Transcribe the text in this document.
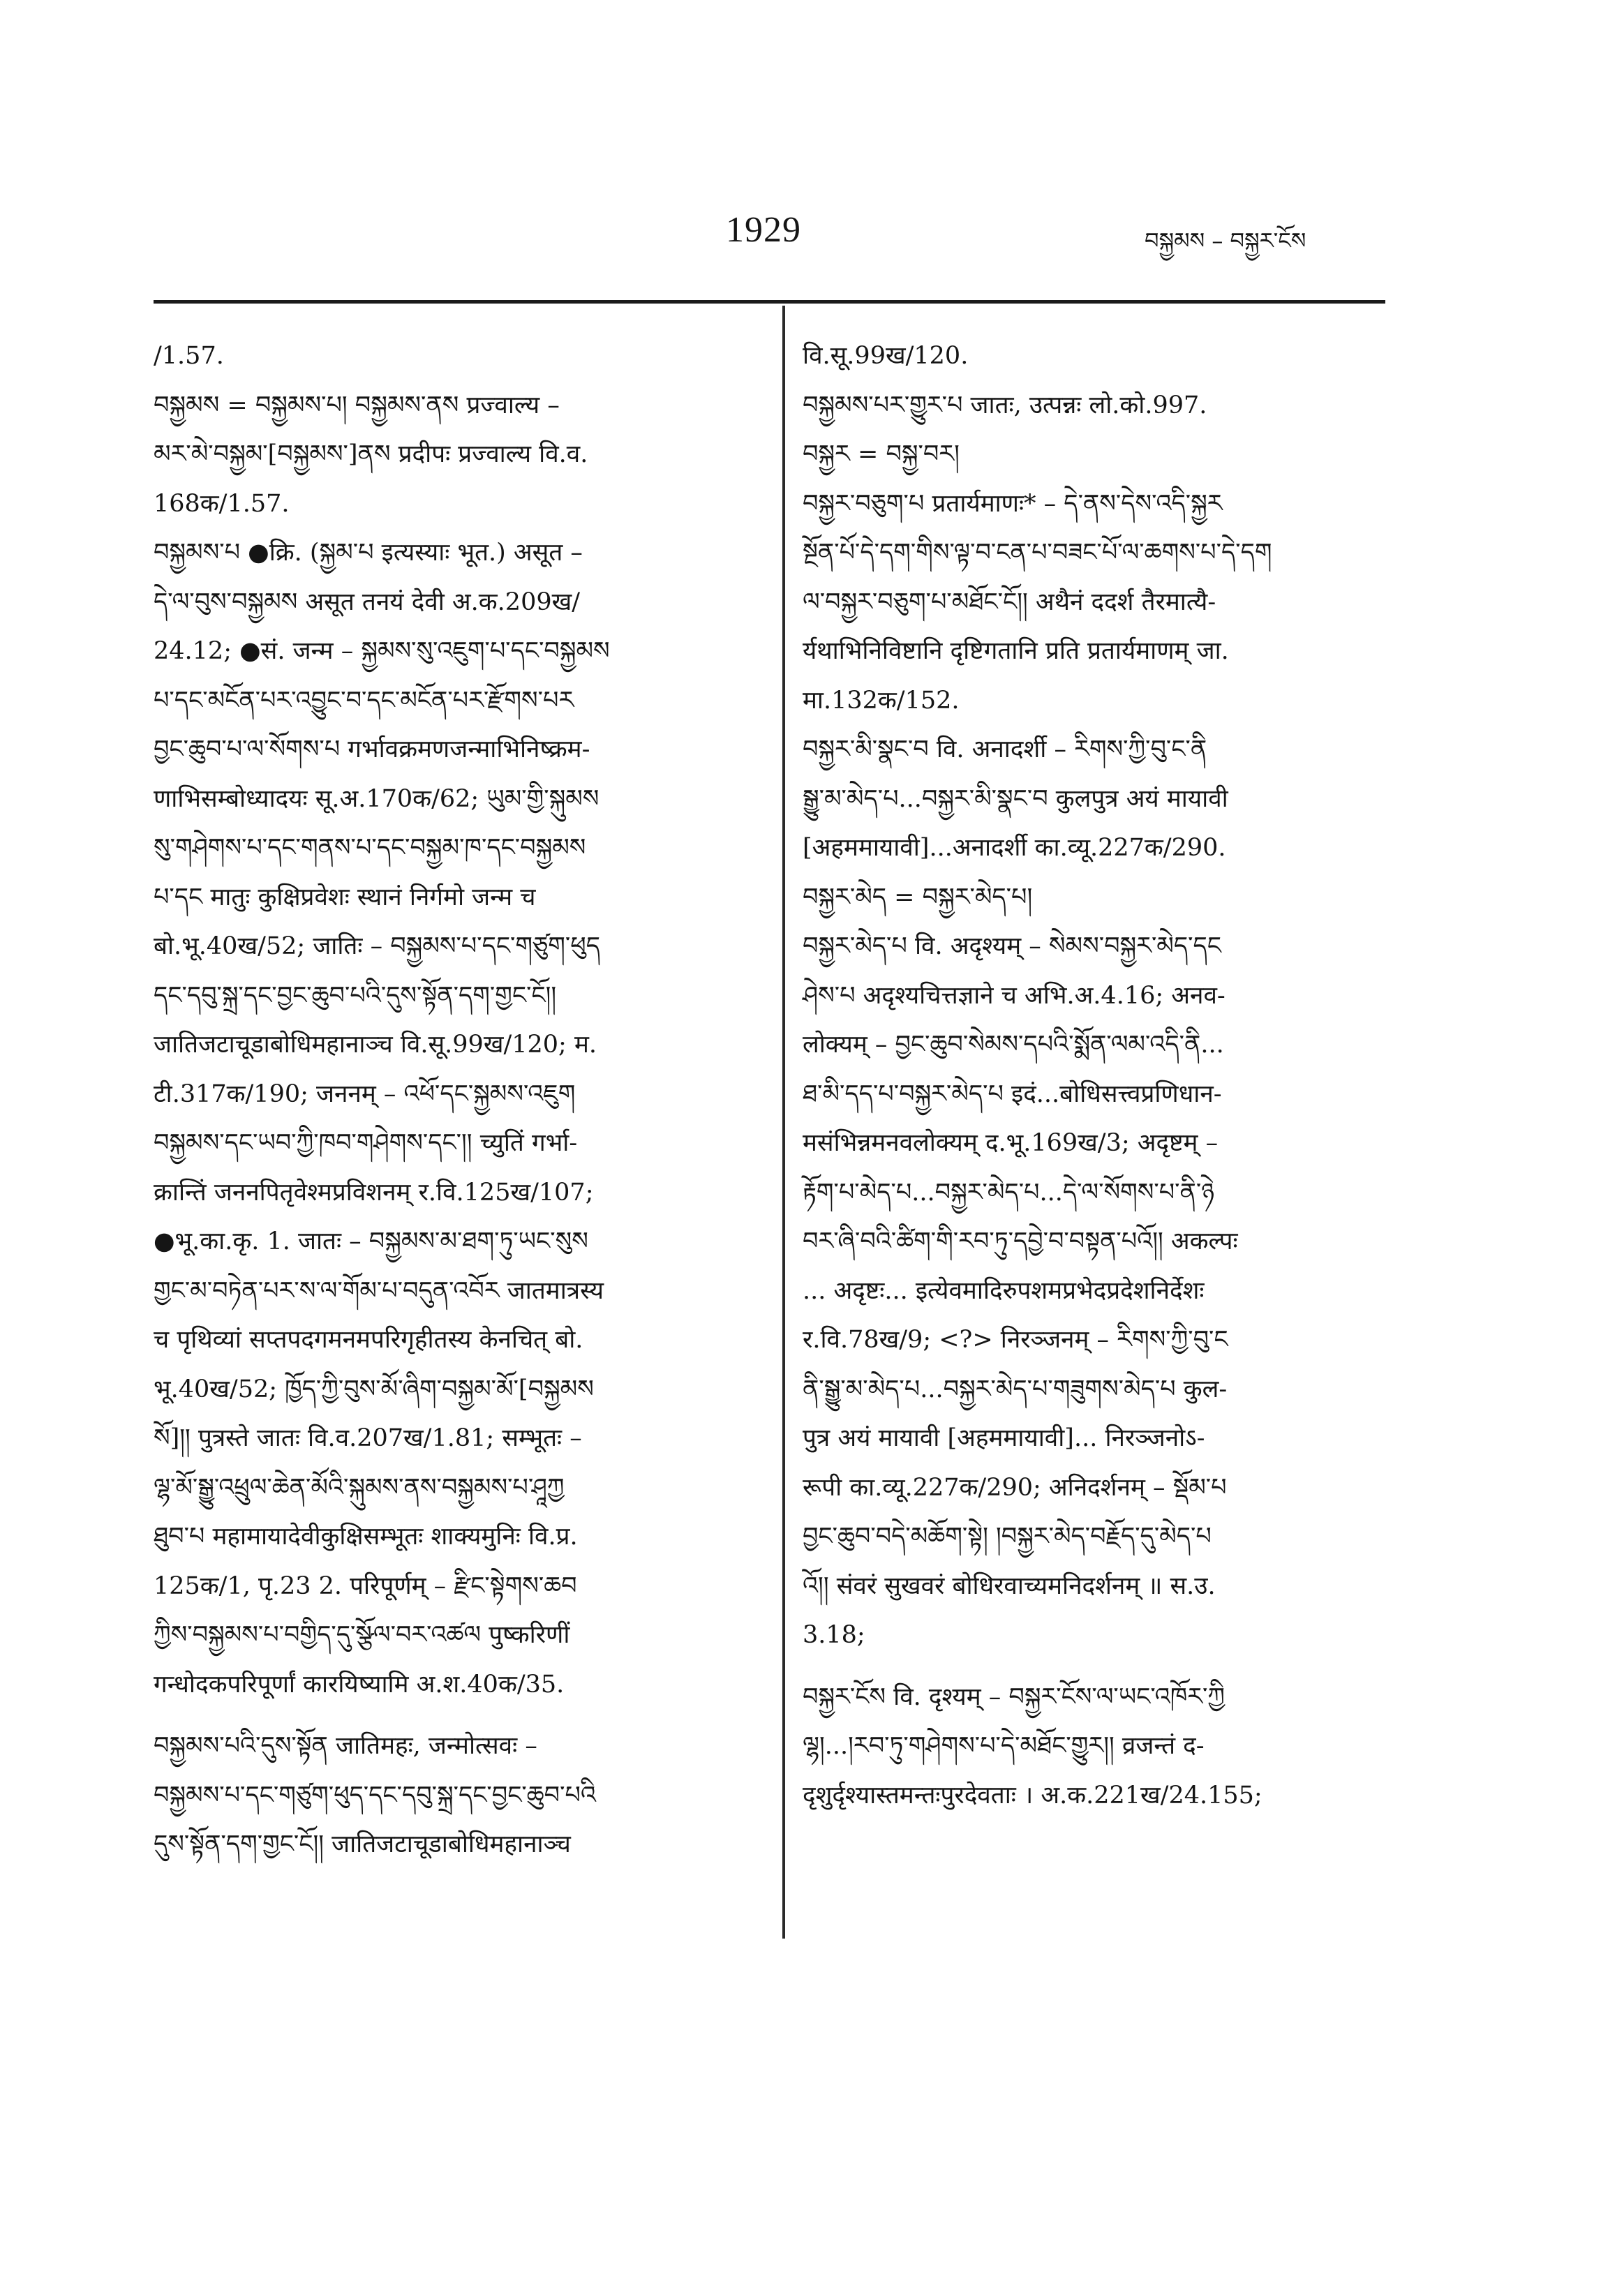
1929	བསྐྱམས – བསྐྱར་ངོས
/1.57.
བསྐྱམས = བསྐྱམས་པ། བསྐྱམས་ནས प्रज्वाल्य –
མར་མེ་བསྐྱམ་[བསྐྱམས་]ནས प्रदीपः प्रज्वाल्य वि.व.
168क/1.57.
བསྐྱམས་པ ●क्रि. (སྐྱམ་པ इत्यस्याः भूत.) असूत –
དེ་ལ་བུས་བསྐྱམས असूत तनयं देवी अ.क.209ख/
24.12; ●सं. जन्म – སྐྱམས་སུ་འཇུག་པ་དང་བསྐྱམས
པ་དང་མངོན་པར་འབྱུང་བ་དང་མངོན་པར་རྫོགས་པར
བྱང་ཆུབ་པ་ལ་སོགས་པ गर्भावक्रमणजन्माभिनिष्क्रम-
णाभिसम्बोध्यादयः सू.अ.170क/62; ཡུམ་གྱི་སྐུམས
སུ་གཤེགས་པ་དང་གནས་པ་དང་བསྐྱམ་ཁ་དང་བསྐྱམས
པ་དང मातुः कुक्षिप्रवेशः स्थानं निर्गमो जन्म च
बो.भू.40ख/52; जातिः – བསྐྱམས་པ་དང་གཙུག་ཕུད
དང་དབུ་སྐྲ་དང་བྱང་ཆུབ་པའི་དུས་སྟོན་དག་གྱང་ངོ།།
जातिजटाचूडाबोधिमहानाञ्च वि.सू.99ख/120; म.
टी.317क/190; जननम् – འཕོ་དང་སྐྱམས་འཇུག
བསྐྱམས་དང་ཡབ་ཀྱི་ཁབ་གཤེགས་དང་།། च्युतिं गर्भा-
क्रान्तिं जननपितृवेश्मप्रविशनम् र.वि.125ख/107;
●भू.का.कृ. 1. जातः – བསྐྱམས་མ་ཐག་ཏུ་ཡང་སུས
གྱང་མ་བཏེན་པར་ས་ལ་གོམ་པ་བདུན་འབོར जातमात्रस्य
च पृथिव्यां सप्तपदगमनमपरिगृहीतस्य केनचित् बो.
भू.40ख/52; ཁྱོད་ཀྱི་བུས་མོ་ཞིག་བསྐྱམ་མོ་[བསྐྱམས
སོ]།། पुत्रस्ते जातः वि.व.207ख/1.81; सम्भूतः –
ལྷ་མོ་སྒྱུ་འཕྲུལ་ཆེན་མོའི་སྐུམས་ནས་བསྐྱམས་པ་ཤཱཀྱ
ཐུབ་པ महामायादेवीकुक्षिसम्भूतः शाक्यमुनिः वि.प्र.
125क/1, पृ.23 2. परिपूर्णम् – རྫིང་སྟེགས་ཆབ
ཀྱིས་བསྐྱམས་པ་བགྱིད་དུ་སྩོལ་བར་འཚལ पुष्करिणीं
गन्धोदकपरिपूर्णां कारयिष्यामि अ.श.40क/35.
བསྐྱམས་པའི་དུས་སྟོན जातिमहः, जन्मोत्सवः –
བསྐྱམས་པ་དང་གཙུག་ཕུད་དང་དབུ་སྐྲ་དང་བྱང་ཆུབ་པའི
དུས་སྟོན་དག་གྱང་ངོ།། जातिजटाचूडाबोधिमहानाञ्च
वि.सू.99ख/120.
བསྐྱམས་པར་གྱུར་པ जातः, उत्पन्नः लो.को.997.
བསྐྱར = བསྐྱ་བར།
བསྐྱར་བཅུག་པ प्रतार्यमाणः* – དེ་ནས་དེས་འདི་སྐྱར
སྔོན་པོ་དེ་དག་གིས་ལྟ་བ་ངན་པ་བཟང་པོ་ལ་ཆགས་པ་དེ་དག
ལ་བསྐྱར་བཅུག་པ་མཐོང་ངོ།། अथैनं ददर्श तैरमात्यै-
र्यथाभिनिविष्टानि दृष्टिगतानि प्रति प्रतार्यमाणम् जा.
मा.132क/152.
བསྐྱར་མི་སྣང་བ वि. अनादर्शी – རིགས་ཀྱི་བུ་ང་ནི
སྒྱུ་མ་མེད་པ...བསྐྱར་མི་སྣང་བ कुलपुत्र अयं मायावी
[अहममायावी]...अनादर्शी का.व्यू.227क/290.
བསྐྱར་མེད = བསྐྱར་མེད་པ།
བསྐྱར་མེད་པ वि. अदृश्यम् – སེམས་བསྐྱར་མེད་དང
ཤེས་པ अदृश्यचित्तज्ञाने च अभि.अ.4.16; अनव-
लोक्यम् – བྱང་ཆུབ་སེམས་དཔའི་སྨོན་ལམ་འདི་ནི...
ཐ་མི་དད་པ་བསྐྱར་མེད་པ इदं...बोधिसत्त्वप्रणिधान-
मसंभिन्नमनवलोक्यम् द.भू.169ख/3; अदृष्टम् –
རྟོག་པ་མེད་པ...བསྐྱར་མེད་པ...དེ་ལ་སོགས་པ་ནི་ཉེ
བར་ཞི་བའི་ཚིག་གི་རབ་ཏུ་དབྱེ་བ་བསྟན་པའོ།། अकल्पः
... अदृष्टः... इत्येवमादिरुपशमप्रभेदप्रदेशनिर्देशः
र.वि.78ख/9; <?> निरञ्जनम् – རིགས་ཀྱི་བུ་ང
ནི་སྒྱུ་མ་མེད་པ...བསྐྱར་མེད་པ་གཟུགས་མེད་པ कुल-
पुत्र अयं मायावी [अहममायावी]... निरञ्जनोऽ-
रूपी का.व्यू.227क/290; अनिदर्शनम् – སྡོམ་པ
བྱང་ཆུབ་བདེ་མཆོག་སྟེ། །བསྐྱར་མེད་བརྗོད་དུ་མེད་པ
འོ།། संवरं सुखवरं बोधिरवाच्यमनिदर्शनम् ॥ स.उ.
3.18;
བསྐྱར་ངོས वि. दृश्यम् – བསྐྱར་ངོས་ལ་ཡང་འཁོར་ཀྱི
ལྷ།...།རབ་ཏུ་གཤེགས་པ་དེ་མཐོང་གྱུར།། व्रजन्तं द-
दृशुर्दृश्यास्तमन्तःपुरदेवताः । अ.क.221ख/24.155;
